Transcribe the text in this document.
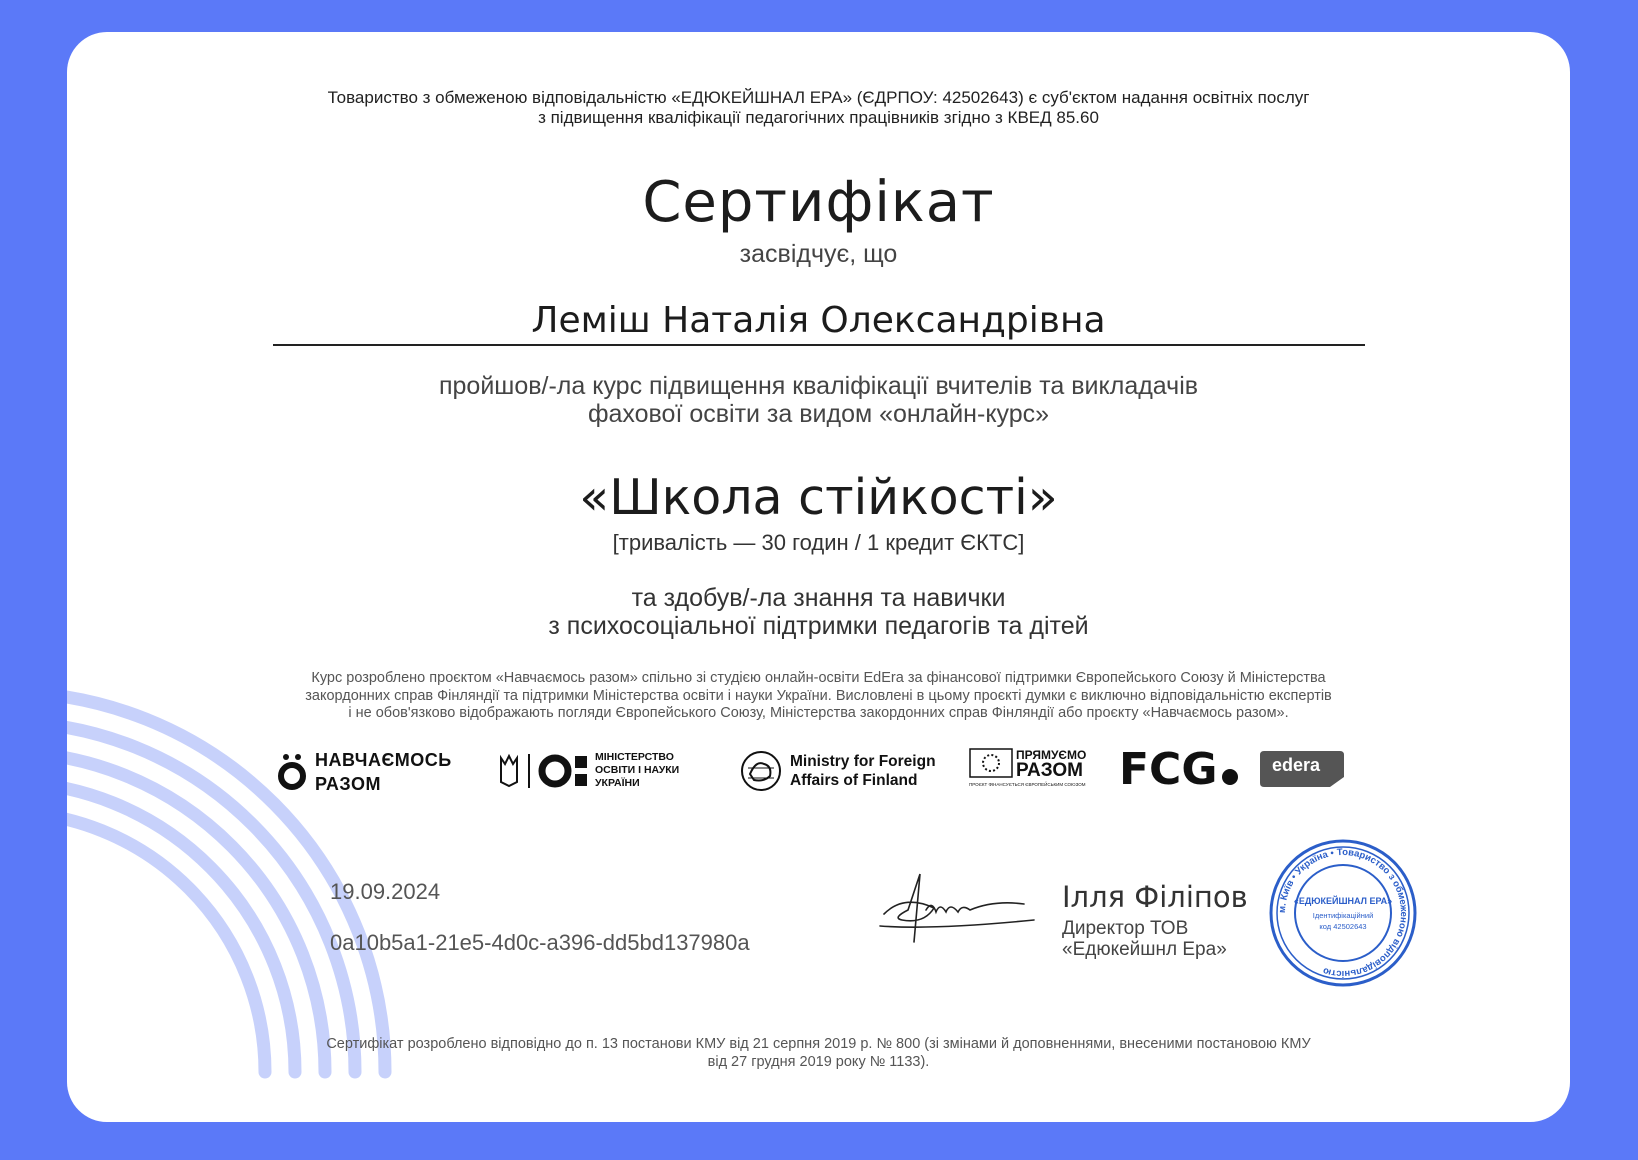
Товариство з обмеженою відповідальністю «ЕДЮКЕЙШНАЛ ЕРА» (ЄДРПОУ: 42502643) є суб'єктом надання освітніх послуг
з підвищення кваліфікації педагогічних працівників згідно з КВЕД 85.60
Сертифікат
засвідчує, що
Леміш Наталія Олександрівна
пройшов/-ла курс підвищення кваліфікації вчителів та викладачів
фахової освіти за видом «онлайн-курс»
«Школа стійкості»
[тривалість — 30 годин / 1 кредит ЄКТС]
та здобув/-ла знання та навички
з психосоціальної підтримки педагогів та дітей
Курс розроблено проєктом «Навчаємось разом» спільно зі студією онлайн-освіти EdEra за фінансової підтримки Європейського Союзу й Міністерства
закордонних справ Фінляндії та підтримки Міністерства освіти і науки України. Висловлені в цьому проєкті думки є виключно відповідальністю експертів
і не обов'язково відображають погляди Європейського Союзу, Міністерства закордонних справ Фінляндії або проєкту «Навчаємось разом».
НАВЧАЄМОСЬ
РАЗОМ
МІНІСТЕРСТВО
ОСВІТИ І НАУКИ
УКРАЇНИ
Ministry for Foreign
Affairs of Finland
ПРЯМУЄМО
РАЗОМ
ПРОЄКТ ФІНАНСУЄТЬСЯ ЄВРОПЕЙСЬКИМ СОЮЗОМ FCG	edera
19.09.2024
0a10b5a1-21e5-4d0c-a396-dd5bd137980a
Ілля Філіпов
Директор ТОВ
«Едюкейшнл Ера»
м. Київ • Україна • Товариство з обмеженою відповідальністю
«ЕДЮКЕЙШНАЛ ЕРА»
Ідентифікаційний
код 42502643
Сертифікат розроблено відповідно до п. 13 постанови КМУ від 21 серпня 2019 р. № 800 (зі змінами й доповненнями, внесеними постановою КМУ
від 27 грудня 2019 року № 1133).
